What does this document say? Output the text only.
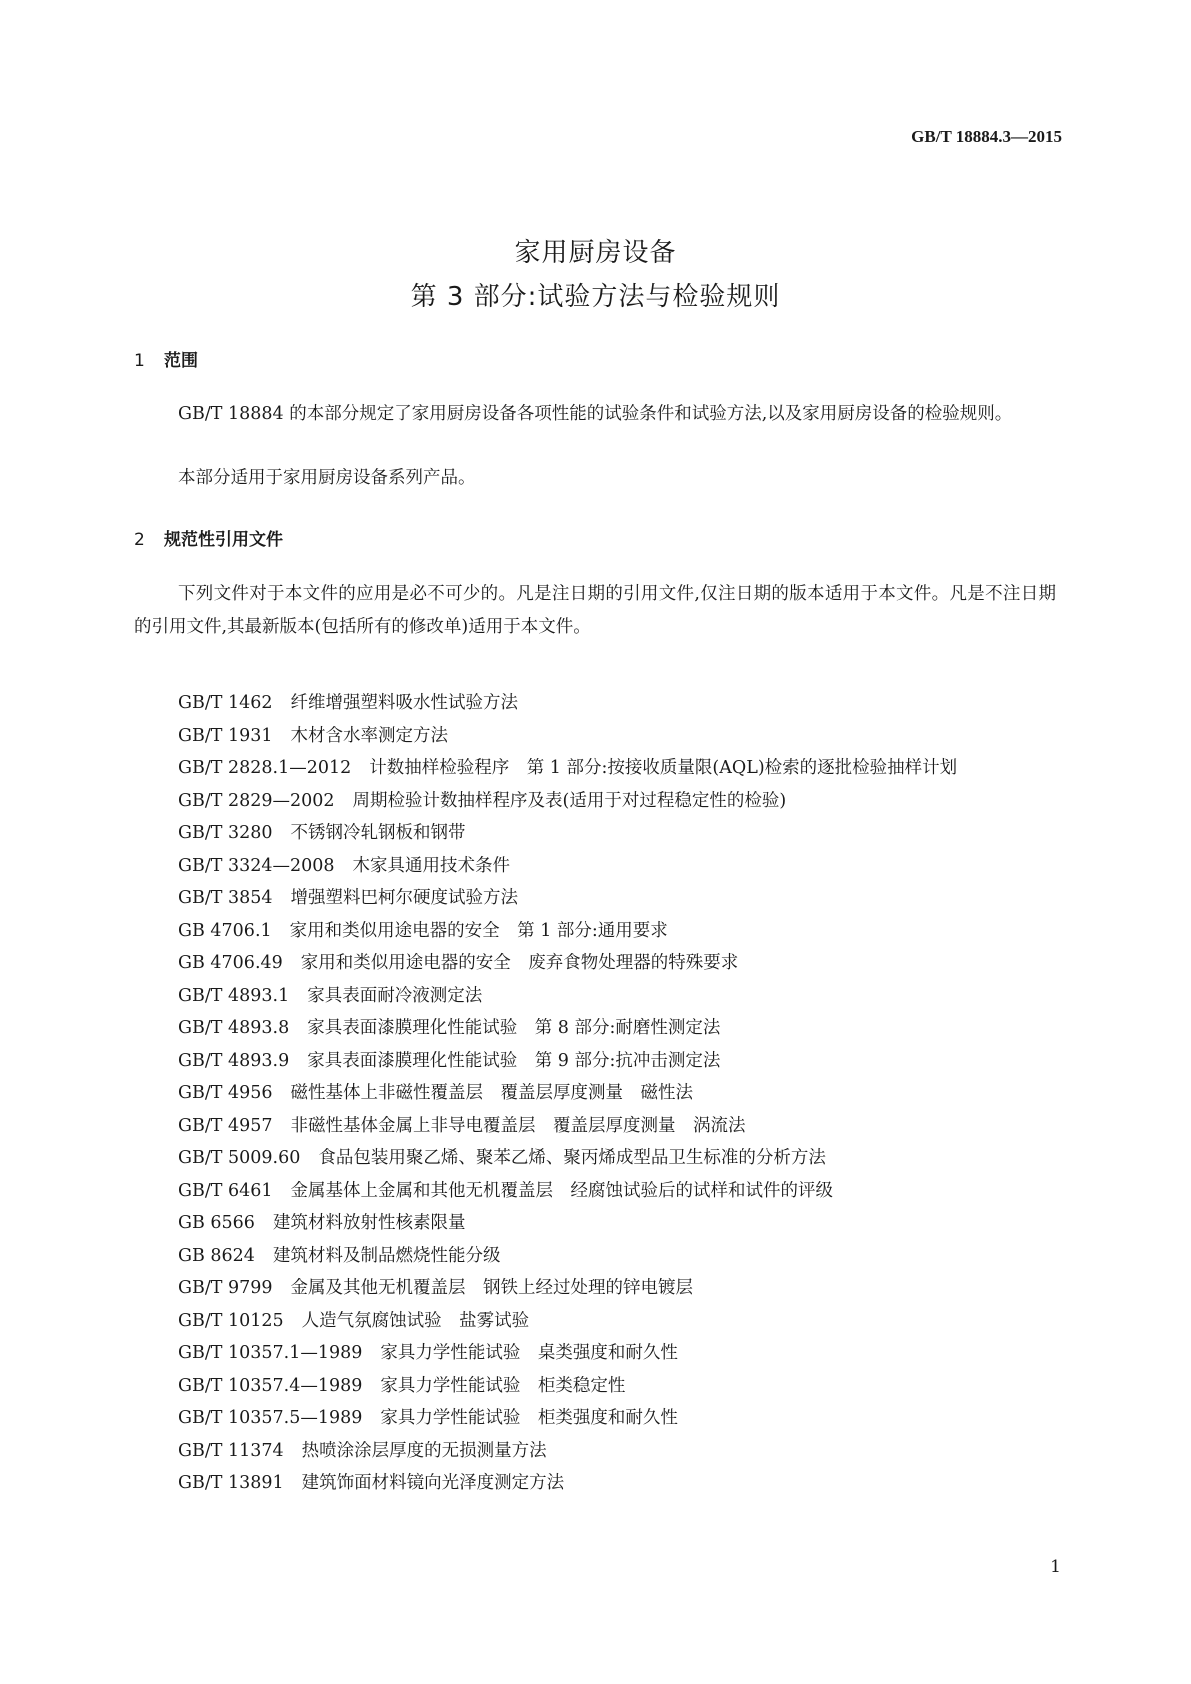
GB/T 18884.3—2015
家用厨房设备
第 3 部分:试验方法与检验规则
1 范围

GB/T 18884 的本部分规定了家用厨房设备各项性能的试验条件和试验方法,以及家用厨房设备的检验规则。

本部分适用于家用厨房设备系列产品。

2 规范性引用文件

下列文件对于本文件的应用是必不可少的。凡是注日期的引用文件,仅注日期的版本适用于本文件。凡是不注日期的引用文件,其最新版本(包括所有的修改单)适用于本文件。

GB/T 1462 纤维增强塑料吸水性试验方法
GB/T 1931 木材含水率测定方法
GB/T 2828.1—2012 计数抽样检验程序　第 1 部分:按接收质量限(AQL)检索的逐批检验抽样计划
GB/T 2829—2002 周期检验计数抽样程序及表(适用于对过程稳定性的检验)
GB/T 3280 不锈钢冷轧钢板和钢带
GB/T 3324—2008 木家具通用技术条件
GB/T 3854 增强塑料巴柯尔硬度试验方法
GB 4706.1 家用和类似用途电器的安全　第 1 部分:通用要求
GB 4706.49 家用和类似用途电器的安全　废弃食物处理器的特殊要求
GB/T 4893.1 家具表面耐冷液测定法
GB/T 4893.8 家具表面漆膜理化性能试验　第 8 部分:耐磨性测定法
GB/T 4893.9 家具表面漆膜理化性能试验　第 9 部分:抗冲击测定法
GB/T 4956 磁性基体上非磁性覆盖层　覆盖层厚度测量　磁性法
GB/T 4957 非磁性基体金属上非导电覆盖层　覆盖层厚度测量　涡流法
GB/T 5009.60 食品包装用聚乙烯、聚苯乙烯、聚丙烯成型品卫生标准的分析方法
GB/T 6461 金属基体上金属和其他无机覆盖层　经腐蚀试验后的试样和试件的评级
GB 6566 建筑材料放射性核素限量
GB 8624 建筑材料及制品燃烧性能分级
GB/T 9799 金属及其他无机覆盖层　钢铁上经过处理的锌电镀层
GB/T 10125 人造气氛腐蚀试验　盐雾试验
GB/T 10357.1—1989 家具力学性能试验　桌类强度和耐久性
GB/T 10357.4—1989 家具力学性能试验　柜类稳定性
GB/T 10357.5—1989 家具力学性能试验　柜类强度和耐久性
GB/T 11374 热喷涂涂层厚度的无损测量方法
GB/T 13891 建筑饰面材料镜向光泽度测定方法
1
